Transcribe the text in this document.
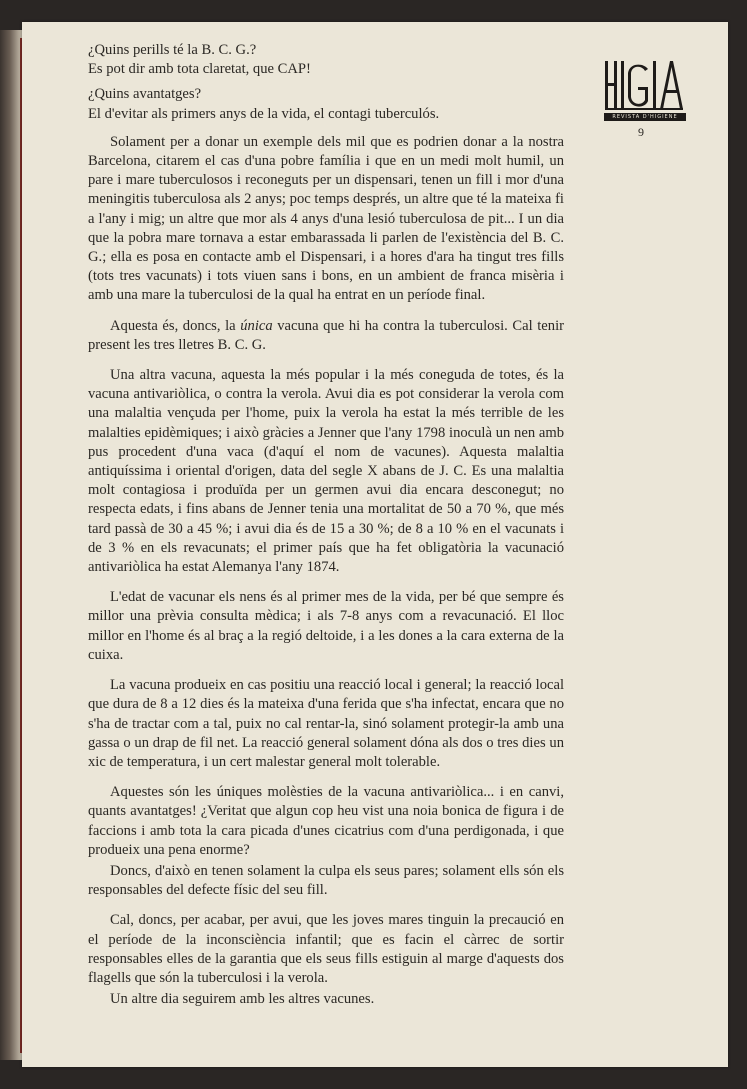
¿Quins perills té la B. C. G.?

Es pot dir amb tota claretat, que CAP!

¿Quins avantatges?

El d'evitar als primers anys de la vida, el contagi tuberculós.

Solament per a donar un exemple dels mil que es podrien donar a la nostra Barcelona, citarem el cas d'una pobre família i que en un medi molt humil, un pare i mare tuberculosos i reconeguts per un dispensari, tenen un fill i mor d'una meningitis tuberculosa als 2 anys; poc temps després, un altre que té la mateixa fi a l'any i mig; un altre que mor als 4 anys d'una lesió tuberculosa de pit... I un dia que la pobra mare tornava a estar embarassada li parlen de l'existència del B. C. G.; ella es posa en contacte amb el Dispensari, i a hores d'ara ha tingut tres fills (tots tres vacunats) i tots viuen sans i bons, en un ambient de franca misèria i amb una mare la tuberculosi de la qual ha entrat en un període final.

Aquesta és, doncs, la única vacuna que hi ha contra la tuberculosi. Cal tenir present les tres lletres B. C. G.

Una altra vacuna, aquesta la més popular i la més coneguda de totes, és la vacuna antivariòlica, o contra la verola. Avui dia es pot considerar la verola com una malaltia vençuda per l'home, puix la verola ha estat la més terrible de les malalties epidèmiques; i això gràcies a Jenner que l'any 1798 inoculà un nen amb pus procedent d'una vaca (d'aquí el nom de vacunes). Aquesta malaltia antiquíssima i oriental d'origen, data del segle X abans de J. C. Es una malaltia molt contagiosa i produïda per un germen avui dia encara desconegut; no respecta edats, i fins abans de Jenner tenia una mortalitat de 50 a 70 %, que més tard passà de 30 a 45 %; i avui dia és de 15 a 30 %; de 8 a 10 % en el vacunats i de 3 % en els revacunats; el primer país que ha fet obligatòria la vacunació antivariòlica ha estat Alemanya l'any 1874.

L'edat de vacunar els nens és al primer mes de la vida, per bé que sempre és millor una prèvia consulta mèdica; i als 7-8 anys com a revacunació. El lloc millor en l'home és al braç a la regió deltoide, i a les dones a la cara externa de la cuixa.

La vacuna produeix en cas positiu una reacció local i general; la reacció local que dura de 8 a 12 dies és la mateixa d'una ferida que s'ha infectat, encara que no s'ha de tractar com a tal, puix no cal rentar-la, sinó solament protegir-la amb una gassa o un drap de fil net. La reacció general solament dóna als dos o tres dies un xic de temperatura, i un cert malestar general molt tolerable.

Aquestes són les úniques molèsties de la vacuna antivariòlica... i en canvi, quants avantatges! ¿Veritat que algun cop heu vist una noia bonica de figura i de faccions i amb tota la cara picada d'unes cicatrius com d'una perdigonada, i que produeix una pena enorme?

Doncs, d'això en tenen solament la culpa els seus pares; solament ells són els responsables del defecte físic del seu fill.

Cal, doncs, per acabar, per avui, que les joves mares tinguin la precaució en el període de la inconsciència infantil; que es facin el càrrec de sortir responsables elles de la garantia que els seus fills estiguin al marge d'aquests dos flagells que són la tuberculosi i la verola.

Un altre dia seguirem amb les altres vacunes.

REVISTA D'HIGIENE
9
